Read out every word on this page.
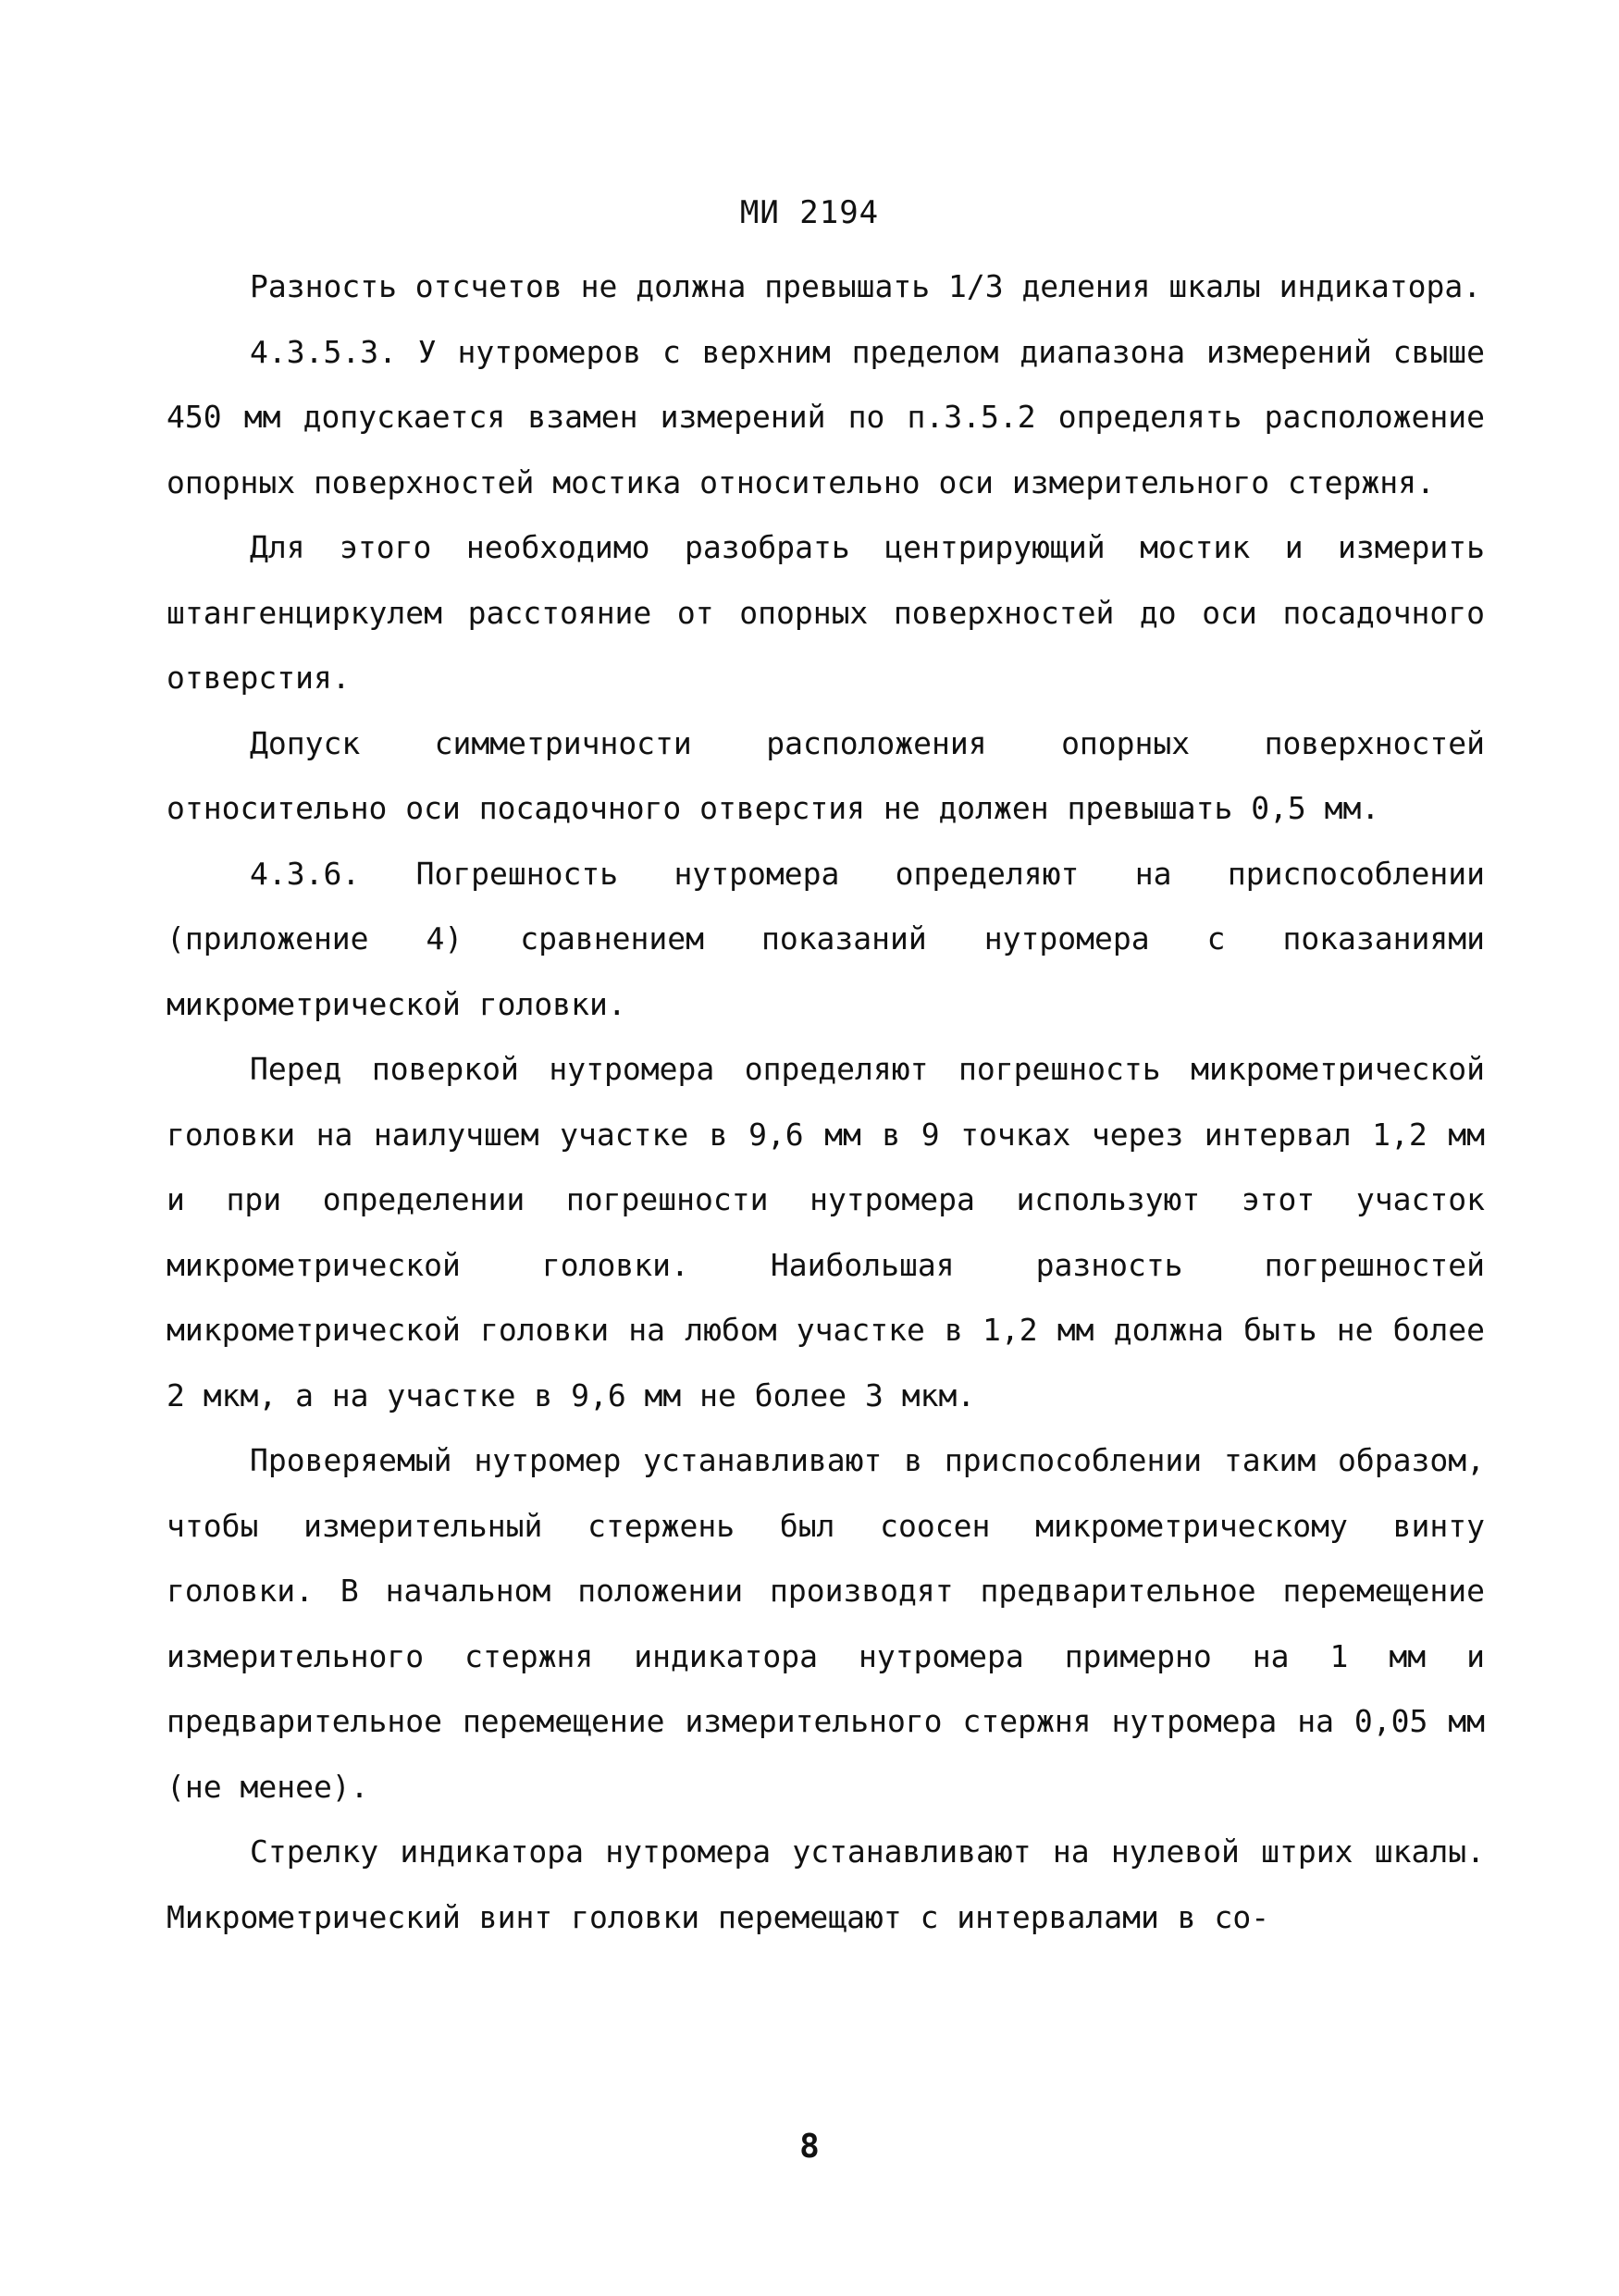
МИ 2194

Разность отсчетов не должна превышать 1/3 деления шкалы индикатора.

4.3.5.3. У нутромеров с верхним пределом диапазона измерений свыше 450 мм допускается взамен измерений по п.3.5.2 определять расположение опорных поверхностей мостика относительно оси измерительного стержня.

Для этого необходимо разобрать центрирующий мостик и измерить штангенциркулем расстояние от опорных поверхностей до оси посадочного отверстия.

Допуск симметричности расположения опорных поверхностей относительно оси посадочного отверстия не должен превышать 0,5 мм.

4.3.6. Погрешность нутромера определяют на приспособлении (приложение 4) сравнением показаний нутромера с показаниями микрометрической головки.

Перед поверкой нутромера определяют погрешность микрометрической головки на наилучшем участке в 9,6 мм в 9 точках через интервал 1,2 мм и при определении погрешности нутромера используют этот участок микрометрической головки. Наибольшая разность погрешностей микрометрической головки на любом участке в 1,2 мм должна быть не более 2 мкм, а на участке в 9,6 мм не более 3 мкм.

Проверяемый нутромер устанавливают в приспособлении таким образом, чтобы измерительный стержень был соосен микрометрическому винту головки. В начальном положении производят предварительное перемещение измерительного стержня индикатора нутромера примерно на 1 мм и предварительное перемещение измерительного стержня нутромера на 0,05 мм (не менее).

Стрелку индикатора нутромера устанавливают на нулевой штрих шкалы. Микрометрический винт головки перемещают с интервалами в со-

8
